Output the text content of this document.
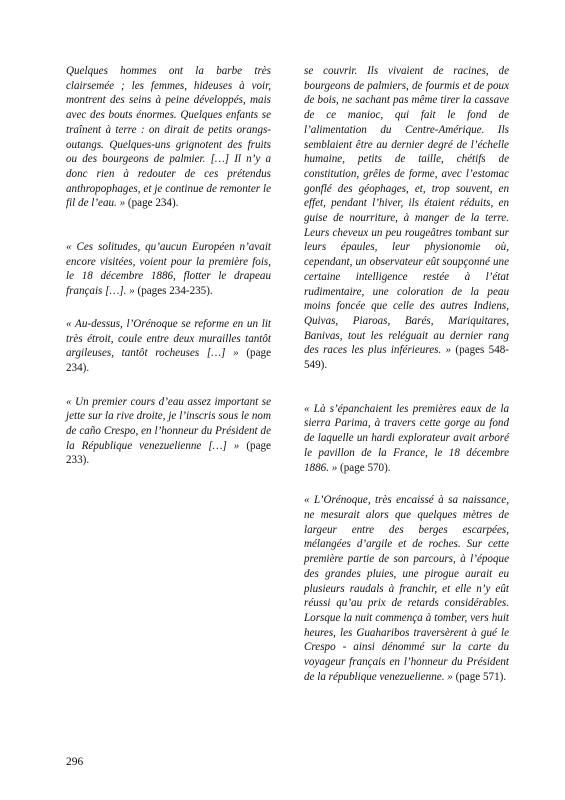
Quelques hommes ont la barbe très clairsemée ; les femmes, hideuses à voir, montrent des seins à peine développés, mais avec des bouts énormes. Quelques enfants se traînent à terre : on dirait de petits orangs-outangs. Quelques-uns grignotent des fruits ou des bourgeons de palmier. […] Il n’y a donc rien à redouter de ces prétendus anthropophages, et je continue de remonter le fil de l’eau. » (page 234).

« Ces solitudes, qu’aucun Européen n’avait encore visitées, voient pour la première fois, le 18 décembre 1886, flotter le drapeau français […]. » (pages 234-235).

« Au-dessus, l’Orénoque se reforme en un lit très étroit, coule entre deux murailles tantôt argileuses, tantôt rocheuses […] » (page 234).

« Un premier cours d’eau assez important se jette sur la rive droite, je l’inscris sous le nom de caño Crespo, en l’honneur du Président de la République venezuelienne […] » (page 233).

se couvrir. Ils vivaient de racines, de bourgeons de palmiers, de fourmis et de poux de bois, ne sachant pas même tirer la cassave de ce manioc, qui fait le fond de l’alimentation du Centre-Amérique. Ils semblaient être au dernier degré de l’échelle humaine, petits de taille, chétifs de constitution, grêles de forme, avec l’estomac gonflé des géophages, et, trop souvent, en effet, pendant l’hiver, ils étaient réduits, en guise de nourriture, à manger de la terre. Leurs cheveux un peu rougeâtres tombant sur leurs épaules, leur physionomie où, cependant, un observateur eût soupçonné une certaine intelligence restée à l’état rudimentaire, une coloration de la peau moins foncée que celle des autres Indiens, Quivas, Piaroas, Barés, Mariquitares, Banivas, tout les reléguait au dernier rang des races les plus inférieures. » (pages 548-549).

« Là s’épanchaient les premières eaux de la sierra Parima, à travers cette gorge au fond de laquelle un hardi explorateur avait arboré le pavillon de la France, le 18 décembre 1886. » (page 570).

« L’Orénoque, très encaissé à sa naissance, ne mesurait alors que quelques mètres de largeur entre des berges escarpées, mélangées d’argile et de roches. Sur cette première partie de son parcours, à l’époque des grandes pluies, une pirogue aurait eu plusieurs raudals à franchir, et elle n’y eût réussi qu’au prix de retards considérables. Lorsque la nuit commença à tomber, vers huit heures, les Guaharibos traversèrent à gué le Crespo - ainsi dénommé sur la carte du voyageur français en l’honneur du Président de la république venezuelienne. » (page 571).

296
